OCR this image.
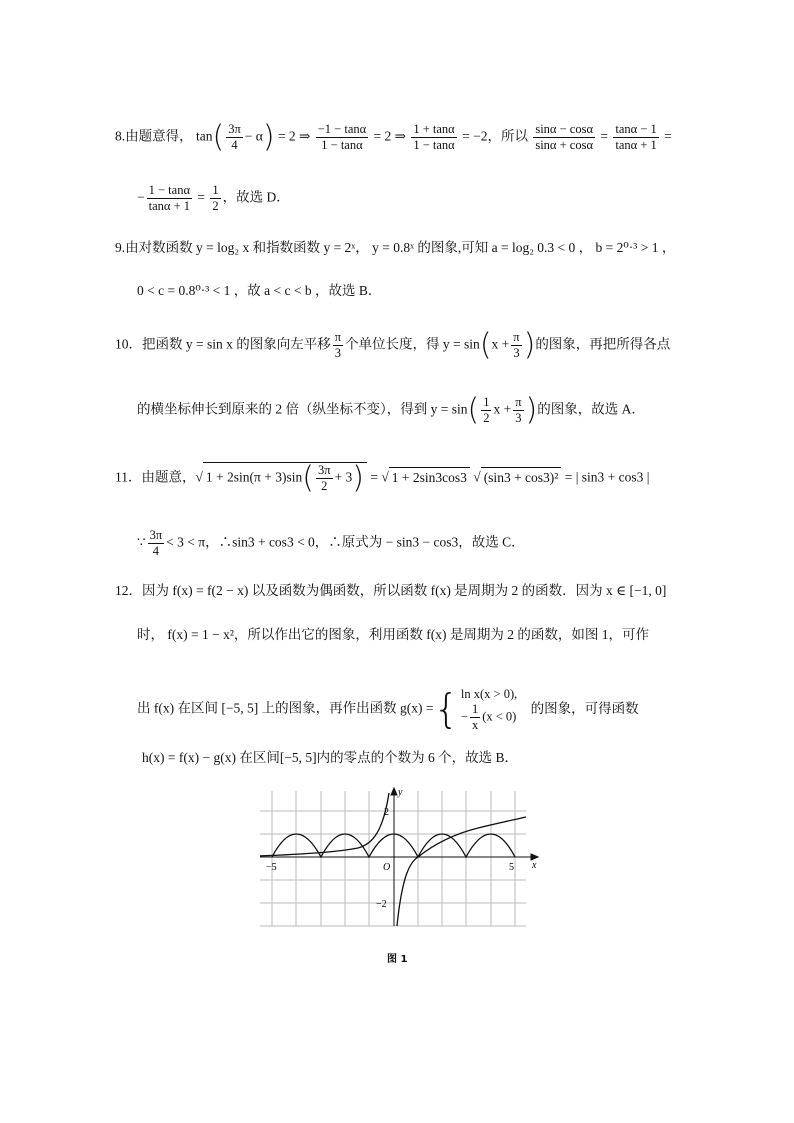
8.由题意得， $\tan( \frac{3\pi}{4} - \alpha) = 2$ ⇒ $\frac{-1 - \tan\alpha}{1 - \tan\alpha} = 2$ ⇒ $\frac{1 + \tan\alpha}{1 - \tan\alpha} = -2$，所以 $\frac{\sin\alpha - \cos\alpha}{\sin\alpha + \cos\alpha} = \frac{\tan\alpha - 1}{\tan\alpha + 1}$ =
− $\frac{1 - \tan\alpha}{\tan\alpha + 1} = \frac{1}{2}$ ，故选 D．
9.由对数函数 y = log₂ x 和指数函数 y = 2ˣ， y = 0.8ˣ 的图象,可知 a = log₂ 0.3 < 0 ， b = 2⁰·³ > 1 ，
0 < c = 0.8⁰·³ < 1 ，故 a < c < b ，故选 B．
10．把函数 y = sin x 的图象向左平移 $\frac{\pi}{3}$ 个单位长度，得 $y = \sin(x + \frac{\pi}{3}$ )的图象，再把所得各点
的横坐标伸长到原来的 2 倍（纵坐标不变），得到 $y = \sin( \frac{1}{2}$ $x + \frac{\pi}{3}$ )的图象，故选 A．
11．由题意，√ $1 + 2\sin(\pi + 3)\sin( \frac{3\pi}{2} + 3)$ = √ 1 + 2sin3cos3 √ (sin3 + cos3)² = | sin3 + cos3 |
∵ $\frac{3\pi}{4} < 3 < \pi$，∴sin3 + cos3 < 0，∴原式为 − sin3 − cos3，故选 C．
12．因为 f(x) = f(2 − x) 以及函数为偶函数，所以函数 f(x) 是周期为 2 的函数．因为 x ∈ [−1, 0]
时， f(x) = 1 − x²，所以作出它的图象，利用函数 f(x) 是周期为 2 的函数，如图 1，可作
出 f(x) 在区间 [−5, 5] 上的图象，再作出函数 g(x) ={ ln x(x > 0),
− $\frac{1}{x} (x < 0)$
的图象，可得函数
h(x) = f(x) − g(x) 在区间[−5, 5]内的零点的个数为 6 个，故选 B．
x
y
O
−5	5
2
−2
图 1
